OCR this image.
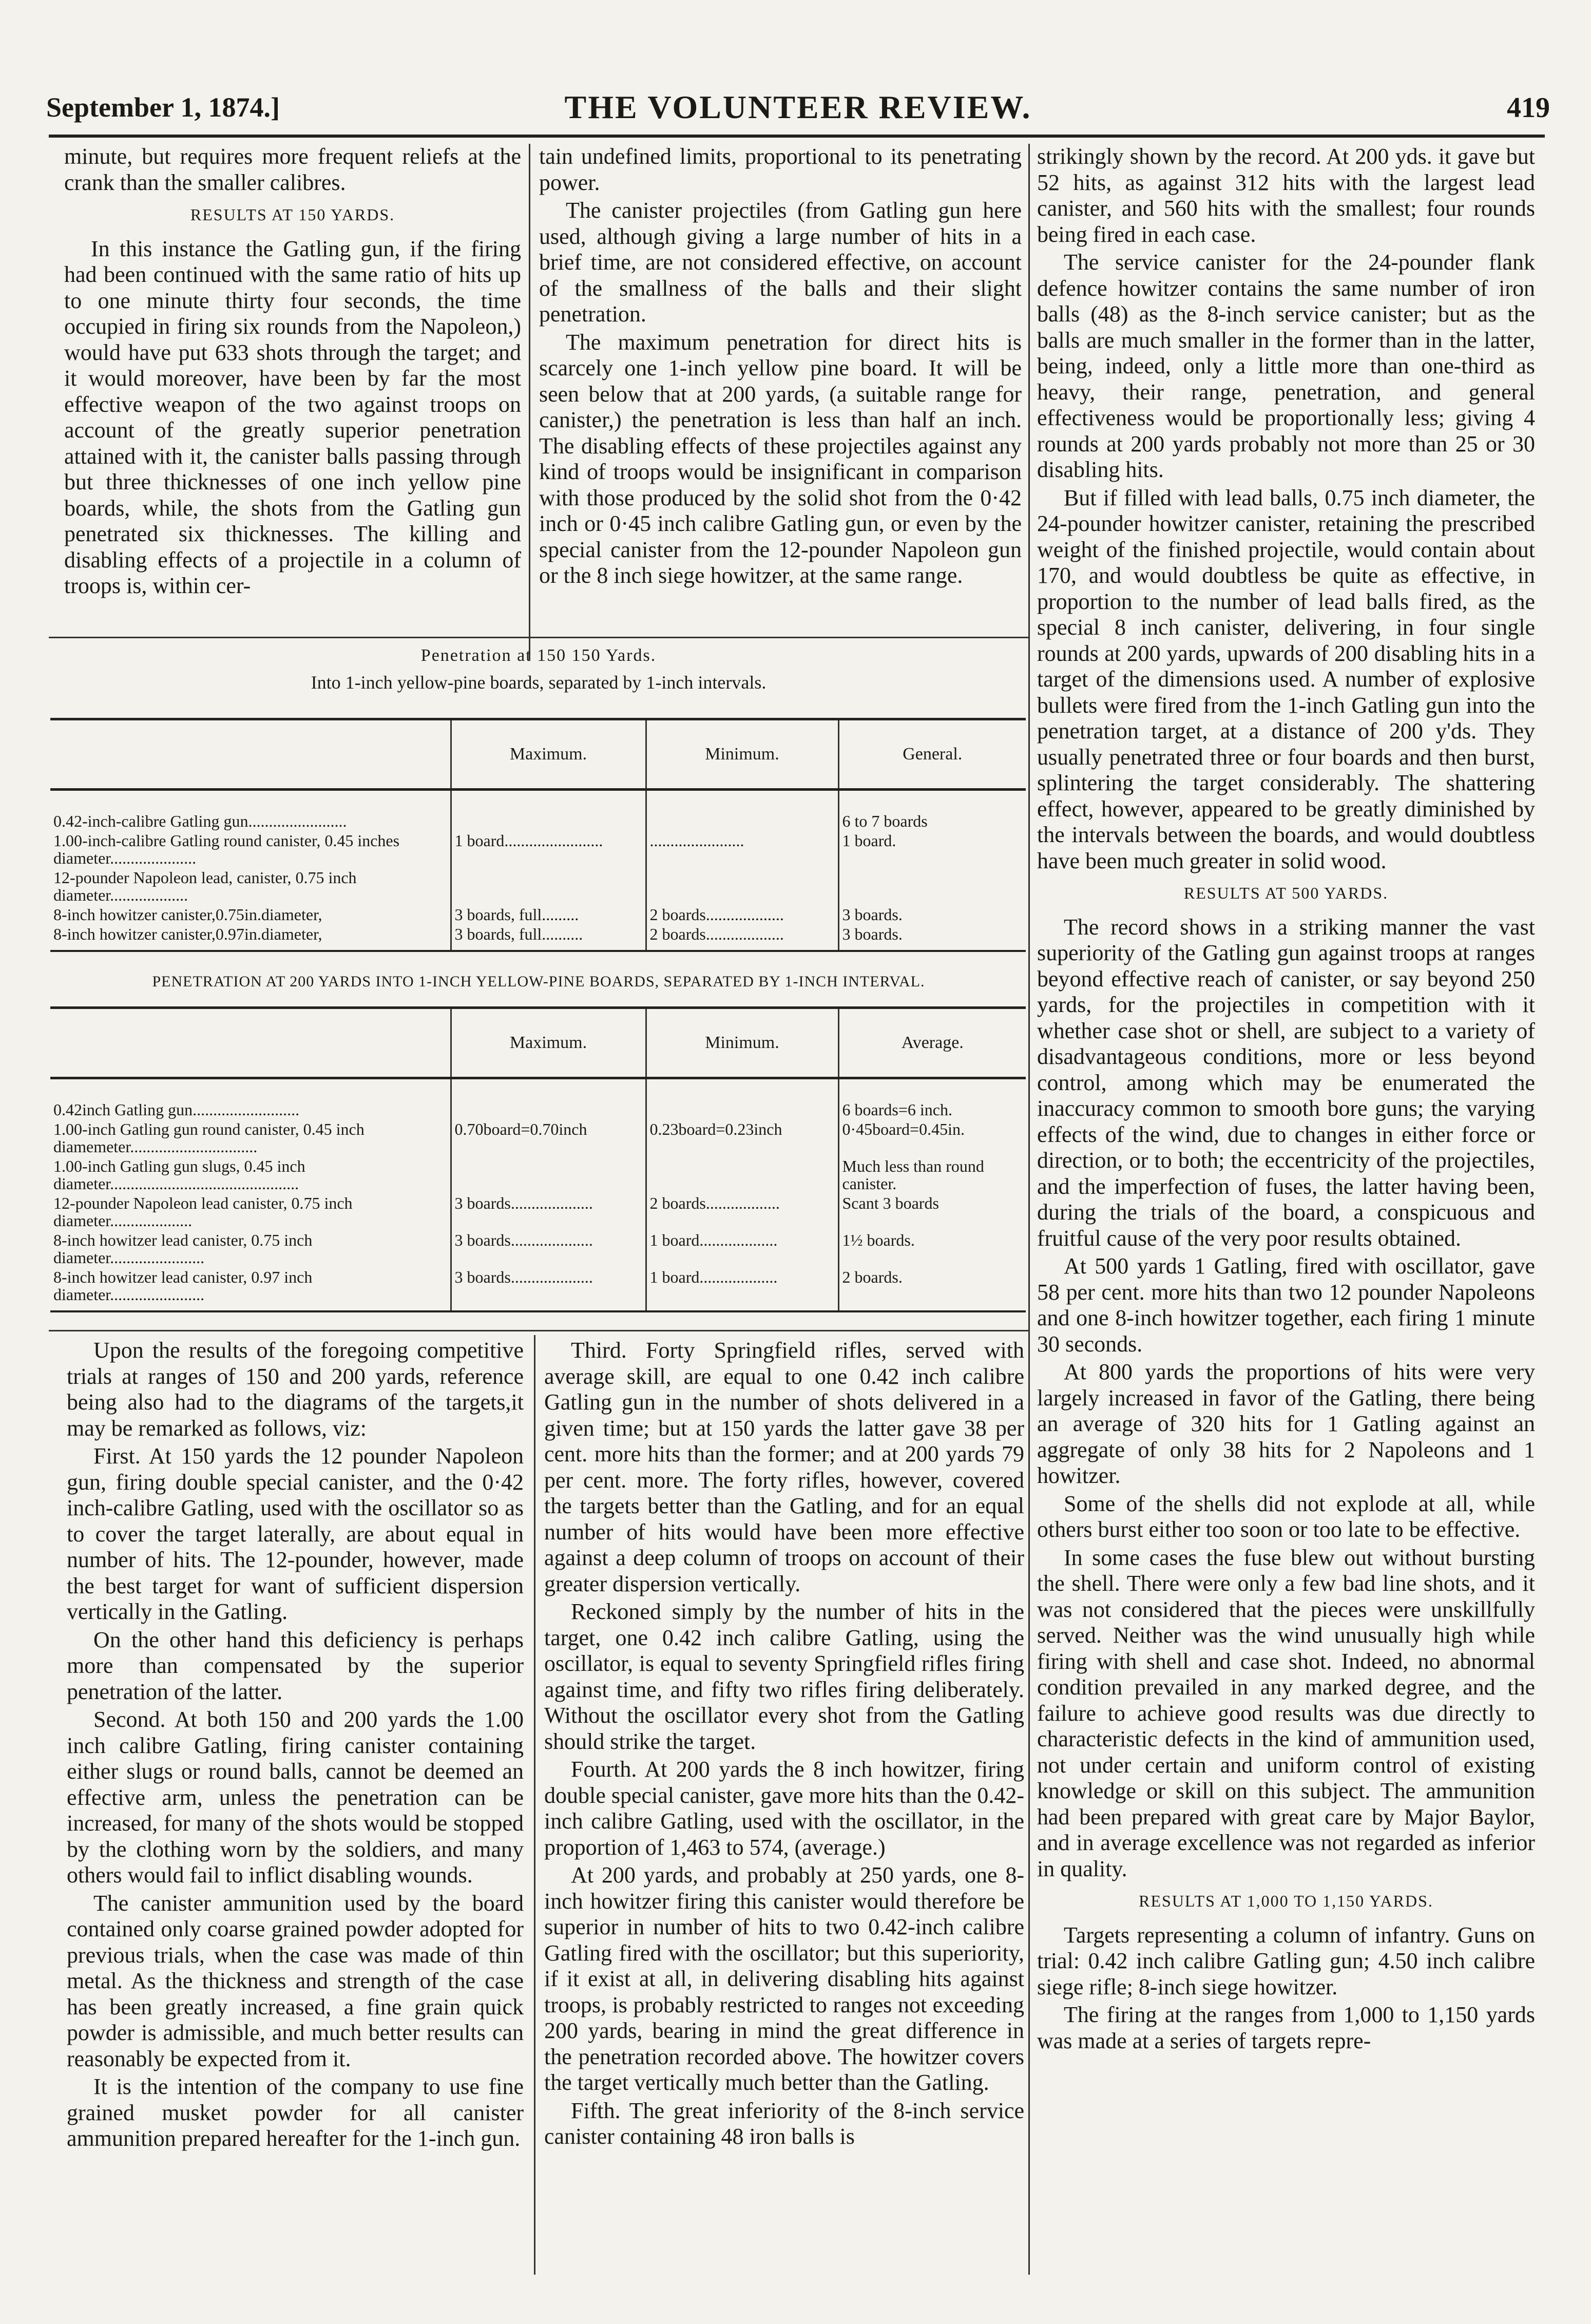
September 1, 1874.]	THE VOLUNTEER REVIEW.	419

minute, but requires more frequent reliefs at the crank than the smaller calibres.

RESULTS AT 150 YARDS.

In this instance the Gatling gun, if the firing had been continued with the same ratio of hits up to one minute thirty four seconds, the time occupied in firing six rounds from the Napoleon,) would have put 633 shots through the target; and it would moreover, have been by far the most effective weapon of the two against troops on account of the greatly superior penetration attained with it, the canister balls passing through but three thicknesses of one inch yellow pine boards, while, the shots from the Gatling gun penetrated six thicknesses. The killing and disabling effects of a projectile in a column of troops is, within cer-

tain undefined limits, proportional to its penetrating power.

The canister projectiles (from Gatling gun here used, although giving a large number of hits in a brief time, are not considered effective, on account of the smallness of the balls and their slight penetration.

The maximum penetration for direct hits is scarcely one 1-inch yellow pine board. It will be seen below that at 200 yards, (a suitable range for canister,) the penetration is less than half an inch. The disabling effects of these projectiles against any kind of troops would be insignificant in comparison with those produced by the solid shot from the 0·42 inch or 0·45 inch calibre Gatling gun, or even by the special canister from the 12-pounder Napoleon gun or the 8 inch siege howitzer, at the same range.

Penetration at 150 150 Yards.
Into 1-inch yellow-pine boards, separated by 1-inch intervals.
	Maximum.	Minimum.	General.
0.42-inch-calibre Gatling gun........................			6 to 7 boards
1.00-inch-calibre Gatling round canister, 0.45 inches diameter.....................	1 board........................	.......................	1 board.
12-pounder Napoleon lead, canister, 0.75 inch diameter...................			
8-inch howitzer canister,0.75in.diameter,	3 boards, full.........	2 boards...................	3 boards.
8-inch howitzer canister,0.97in.diameter,	3 boards, full..........	2 boards...................	3 boards.
PENETRATION AT 200 YARDS INTO 1-INCH YELLOW-PINE BOARDS, SEPARATED BY 1-INCH INTERVAL.
	Maximum.	Minimum.	Average.
0.42inch Gatling gun..........................			6 boards=6 inch.
1.00-inch Gatling gun round canister, 0.45 inch diamemeter...............................	0.70board=0.70inch	0.23board=0.23inch	0·45board=0.45in.
1.00-inch Gatling gun slugs, 0.45 inch diameter..............................................			Much less than round canister.
12-pounder Napoleon lead canister, 0.75 inch diameter....................	3 boards....................	2 boards..................	Scant 3 boards
8-inch howitzer lead canister, 0.75 inch diameter.......................	3 boards....................	1 board...................	1½ boards.
8-inch howitzer lead canister, 0.97 inch diameter.......................	3 boards....................	1 board...................	2 boards.

strikingly shown by the record. At 200 yds. it gave but 52 hits, as against 312 hits with the largest lead canister, and 560 hits with the smallest; four rounds being fired in each case.

The service canister for the 24-pounder flank defence howitzer contains the same number of iron balls (48) as the 8-inch service canister; but as the balls are much smaller in the former than in the latter, being, indeed, only a little more than one-third as heavy, their range, penetration, and general effectiveness would be proportionally less; giving 4 rounds at 200 yards probably not more than 25 or 30 disabling hits.

But if filled with lead balls, 0.75 inch diameter, the 24-pounder howitzer canister, retaining the prescribed weight of the finished projectile, would contain about 170, and would doubtless be quite as effective, in proportion to the number of lead balls fired, as the special 8 inch canister, delivering, in four single rounds at 200 yards, upwards of 200 disabling hits in a target of the dimensions used. A number of explosive bullets were fired from the 1-inch Gatling gun into the penetration target, at a distance of 200 y'ds. They usually penetrated three or four boards and then burst, splintering the target considerably. The shattering effect, however, appeared to be greatly diminished by the intervals between the boards, and would doubtless have been much greater in solid wood.

RESULTS AT 500 YARDS.

The record shows in a striking manner the vast superiority of the Gatling gun against troops at ranges beyond effective reach of canister, or say beyond 250 yards, for the projectiles in competition with it whether case shot or shell, are subject to a variety of disadvantageous conditions, more or less beyond control, among which may be enumerated the inaccuracy common to smooth bore guns; the varying effects of the wind, due to changes in either force or direction, or to both; the eccentricity of the projectiles, and the imperfection of fuses, the latter having been, during the trials of the board, a conspicuous and fruitful cause of the very poor results obtained.

At 500 yards 1 Gatling, fired with oscillator, gave 58 per cent. more hits than two 12 pounder Napoleons and one 8-inch howitzer together, each firing 1 minute 30 seconds.

At 800 yards the proportions of hits were very largely increased in favor of the Gatling, there being an average of 320 hits for 1 Gatling against an aggregate of only 38 hits for 2 Napoleons and 1 howitzer.

Some of the shells did not explode at all, while others burst either too soon or too late to be effective.

In some cases the fuse blew out without bursting the shell. There were only a few bad line shots, and it was not considered that the pieces were unskillfully served. Neither was the wind unusually high while firing with shell and case shot. Indeed, no abnormal condition prevailed in any marked degree, and the failure to achieve good results was due directly to characteristic defects in the kind of ammunition used, not under certain and uniform control of existing knowledge or skill on this subject. The ammunition had been prepared with great care by Major Baylor, and in average excellence was not regarded as inferior in quality.

RESULTS AT 1,000 TO 1,150 YARDS.

Targets representing a column of infantry. Guns on trial: 0.42 inch calibre Gatling gun; 4.50 inch calibre siege rifle; 8-inch siege howitzer.

The firing at the ranges from 1,000 to 1,150 yards was made at a series of targets repre-

Upon the results of the foregoing competitive trials at ranges of 150 and 200 yards, reference being also had to the diagrams of the targets,it may be remarked as follows, viz:

First. At 150 yards the 12 pounder Napoleon gun, firing double special canister, and the 0·42 inch-calibre Gatling, used with the oscillator so as to cover the target laterally, are about equal in number of hits. The 12-pounder, however, made the best target for want of sufficient dispersion vertically in the Gatling.

On the other hand this deficiency is perhaps more than compensated by the superior penetration of the latter.

Second. At both 150 and 200 yards the 1.00 inch calibre Gatling, firing canister containing either slugs or round balls, cannot be deemed an effective arm, unless the penetration can be increased, for many of the shots would be stopped by the clothing worn by the soldiers, and many others would fail to inflict disabling wounds.

The canister ammunition used by the board contained only coarse grained powder adopted for previous trials, when the case was made of thin metal. As the thickness and strength of the case has been greatly increased, a fine grain quick powder is admissible, and much better results can reasonably be expected from it.

It is the intention of the company to use fine grained musket powder for all canister ammunition prepared hereafter for the 1-inch gun.

Third. Forty Springfield rifles, served with average skill, are equal to one 0.42 inch calibre Gatling gun in the number of shots delivered in a given time; but at 150 yards the latter gave 38 per cent. more hits than the former; and at 200 yards 79 per cent. more. The forty rifles, however, covered the targets better than the Gatling, and for an equal number of hits would have been more effective against a deep column of troops on account of their greater dispersion vertically.

Reckoned simply by the number of hits in the target, one 0.42 inch calibre Gatling, using the oscillator, is equal to seventy Springfield rifles firing against time, and fifty two rifles firing deliberately. Without the oscillator every shot from the Gatling should strike the target.

Fourth. At 200 yards the 8 inch howitzer, firing double special canister, gave more hits than the 0.42-inch calibre Gatling, used with the oscillator, in the proportion of 1,463 to 574, (average.)

At 200 yards, and probably at 250 yards, one 8-inch howitzer firing this canister would therefore be superior in number of hits to two 0.42-inch calibre Gatling fired with the oscillator; but this superiority, if it exist at all, in delivering disabling hits against troops, is probably restricted to ranges not exceeding 200 yards, bearing in mind the great difference in the penetration recorded above. The howitzer covers the target vertically much better than the Gatling.

Fifth. The great inferiority of the 8-inch service canister containing 48 iron balls is
